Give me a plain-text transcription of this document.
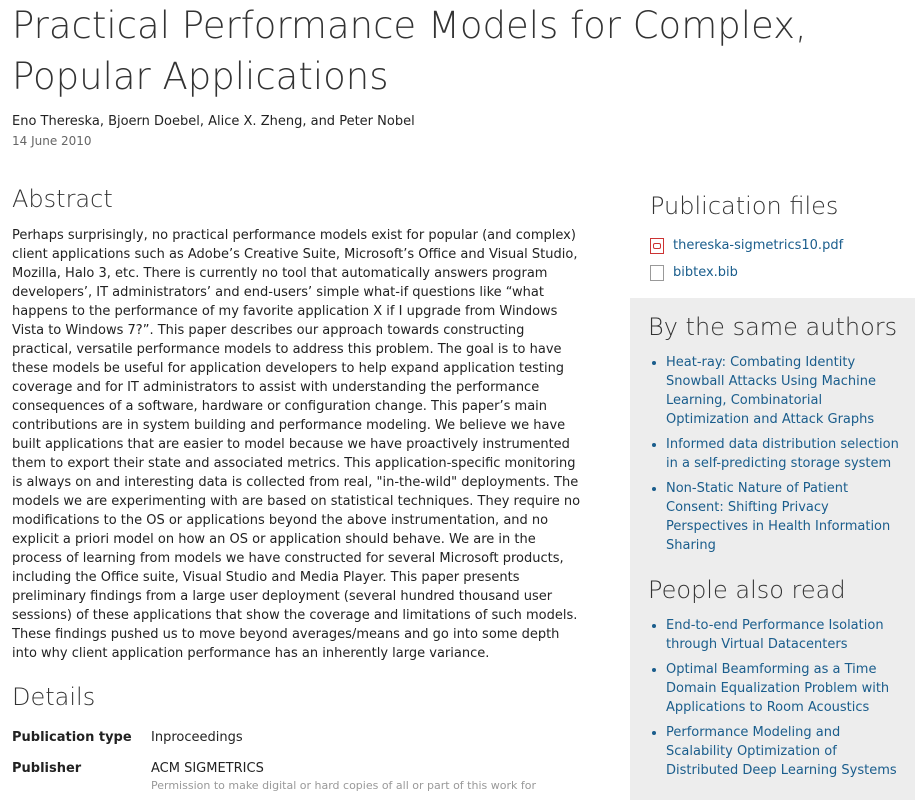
Practical Performance Models for Complex, Popular Applications
Eno Thereska, Bjoern Doebel, Alice X. Zheng, and Peter Nobel
14 June 2010
Abstract

Perhaps surprisingly, no practical performance models exist for popular (and complex) client applications such as Adobe’s Creative Suite, Microsoft’s Office and Visual Studio, Mozilla, Halo 3, etc. There is currently no tool that automatically answers program developers’, IT administrators’ and end-users’ simple what-if questions like “what happens to the performance of my favorite application X if I upgrade from Windows Vista to Windows 7?”. This paper describes our approach towards constructing practical, versatile performance models to address this problem. The goal is to have these models be useful for application developers to help expand application testing coverage and for IT administrators to assist with understanding the performance consequences of a software, hardware or configuration change. This paper’s main contributions are in system building and performance modeling. We believe we have built applications that are easier to model because we have proactively instrumented them to export their state and associated metrics. This application-specific monitoring is always on and interesting data is collected from real, "in-the-wild" deployments. The models we are experimenting with are based on statistical techniques. They require no modifications to the OS or applications beyond the above instrumentation, and no explicit a priori model on how an OS or application should behave. We are in the process of learning from models we have constructed for several Microsoft products, including the Office suite, Visual Studio and Media Player. This paper presents preliminary findings from a large user deployment (several hundred thousand user sessions) of these applications that show the coverage and limitations of such models. These findings pushed us to move beyond averages/means and go into some depth into why client application performance has an inherently large variance.

Details
Publication type Inproceedings
Publisher	ACM SIGMETRICS
Permission to make digital or hard copies of all or part of this work for
Publication files
thereska-sigmetrics10.pdf
bibtex.bib
By the same authors
• Heat-ray: Combating Identity Snowball Attacks Using Machine Learning, Combinatorial Optimization and Attack Graphs
• Informed data distribution selection in a self-predicting storage system
• Non-Static Nature of Patient Consent: Shifting Privacy Perspectives in Health Information Sharing
People also read
• End-to-end Performance Isolation through Virtual Datacenters
• Optimal Beamforming as a Time Domain Equalization Problem with Applications to Room Acoustics
• Performance Modeling and Scalability Optimization of Distributed Deep Learning Systems
